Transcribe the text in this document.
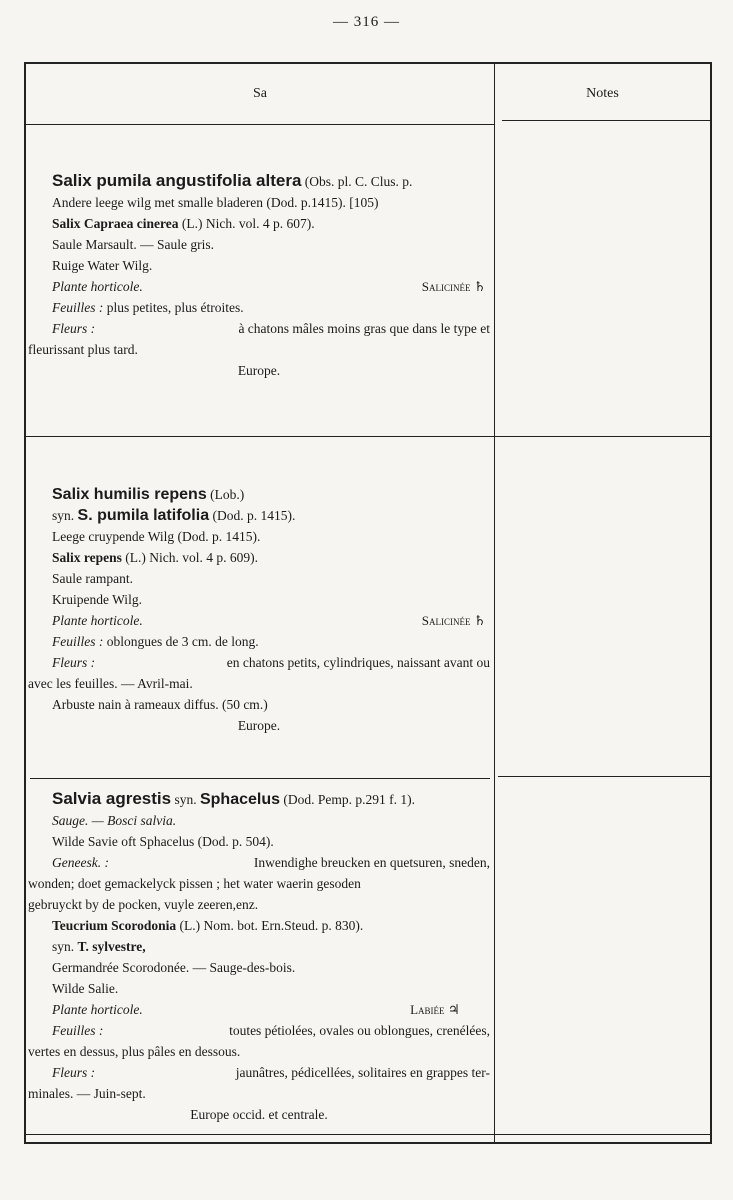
— 316 —
Sa	Notes
Salix pumila angustifolia altera (Obs. pl. C. Clus. p.
Andere leege wilg met smalle bladeren (Dod. p.1415). [105)
Salix Capraea cinerea (L.) Nich. vol. 4 p. 607).
Saule Marsault. — Saule gris.
Ruige Water Wilg.
Plante horticole.	Salicinée ♄
Feuilles : plus petites, plus étroites.
Fleurs :	à chatons mâles moins gras que dans le type et
fleurissant plus tard.
Europe.
Salix humilis repens (Lob.)
syn. S. pumila latifolia (Dod. p. 1415).
Leege cruypende Wilg (Dod. p. 1415).
Salix repens (L.) Nich. vol. 4 p. 609).
Saule rampant.
Kruipende Wilg.
Plante horticole.	Salicinée ♄
Feuilles : oblongues de 3 cm. de long.
Fleurs :	en chatons petits, cylindriques, naissant avant ou
avec les feuilles. — Avril-mai.
Arbuste nain à rameaux diffus. (50 cm.)
Europe.
Salvia agrestis syn. Sphacelus (Dod. Pemp. p.291 f. 1).
Sauge. — Bosci salvia.
Wilde Savie oft Sphacelus (Dod. p. 504).
Geneesk. :	Inwendighe breucken en quetsuren, sneden,
wonden; doet gemackelyck pissen ; het water waerin gesoden
gebruyckt by de pocken, vuyle zeeren,enz.
Teucrium Scorodonia (L.) Nom. bot. Ern.Steud. p. 830).
syn. T. sylvestre,
Germandrée Scorodonée. — Sauge-des-bois.
Wilde Salie.
Plante horticole.	Labiée ♃
Feuilles :	toutes pétiolées, ovales ou oblongues, crenélées,
vertes en dessus, plus pâles en dessous.
Fleurs :	jaunâtres, pédicellées, solitaires en grappes ter-
minales. — Juin-sept.
Europe occid. et centrale.
